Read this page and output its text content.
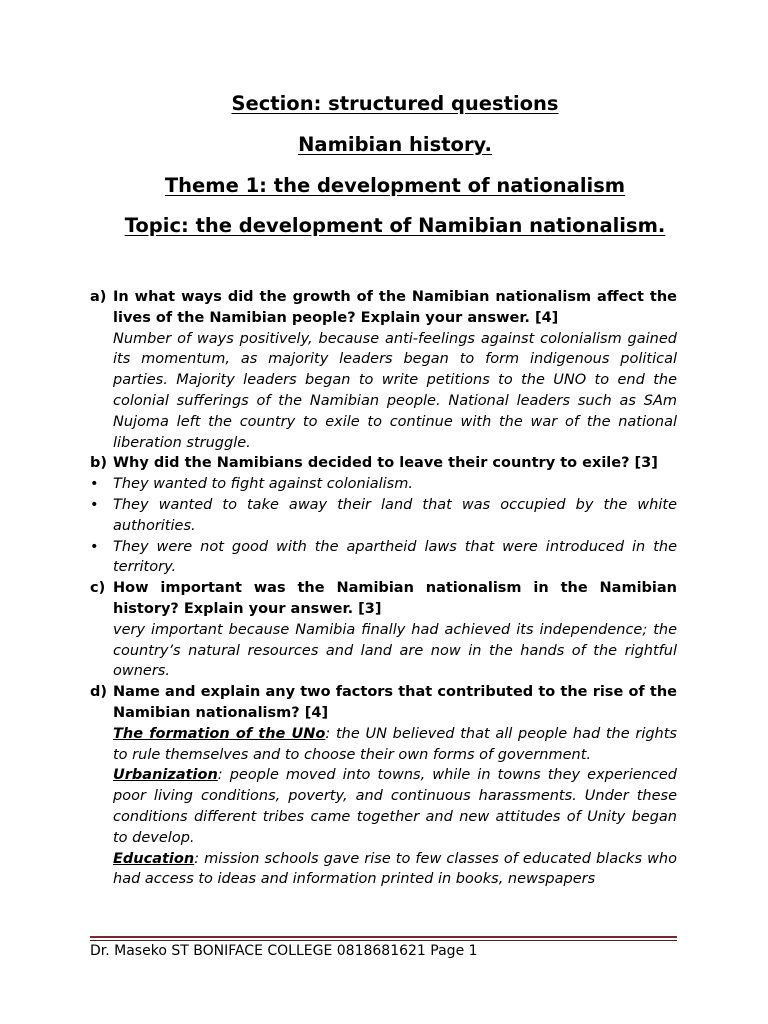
Section: structured questions
Namibian history.
Theme 1: the development of nationalism
Topic: the development of Namibian nationalism.
a) In what ways did the growth of the Namibian nationalism affect the lives of the Namibian people? Explain your answer. [4]
Number of ways positively, because anti-feelings against colonialism gained its momentum, as majority leaders began to form indigenous political parties. Majority leaders began to write petitions to the UNO to end the colonial sufferings of the Namibian people. National leaders such as SAm Nujoma left the country to exile to continue with the war of the national liberation struggle.
b) Why did the Namibians decided to leave their country to exile? [3]
• They wanted to fight against colonialism.
• They wanted to take away their land that was occupied by the white authorities.
• They were not good with the apartheid laws that were introduced in the territory.
c) How important was the Namibian nationalism in the Namibian history? Explain your answer. [3]
very important because Namibia finally had achieved its independence; the country’s natural resources and land are now in the hands of the rightful owners.
d) Name and explain any two factors that contributed to the rise of the Namibian nationalism? [4]
The formation of the UNo: the UN believed that all people had the rights to rule themselves and to choose their own forms of government.
Urbanization: people moved into towns, while in towns they experienced poor living conditions, poverty, and continuous harassments. Under these conditions different tribes came together and new attitudes of Unity began to develop.
Education: mission schools gave rise to few classes of educated blacks who had access to ideas and information printed in books, newspapers
Dr. Maseko ST BONIFACE COLLEGE 0818681621 Page 1
